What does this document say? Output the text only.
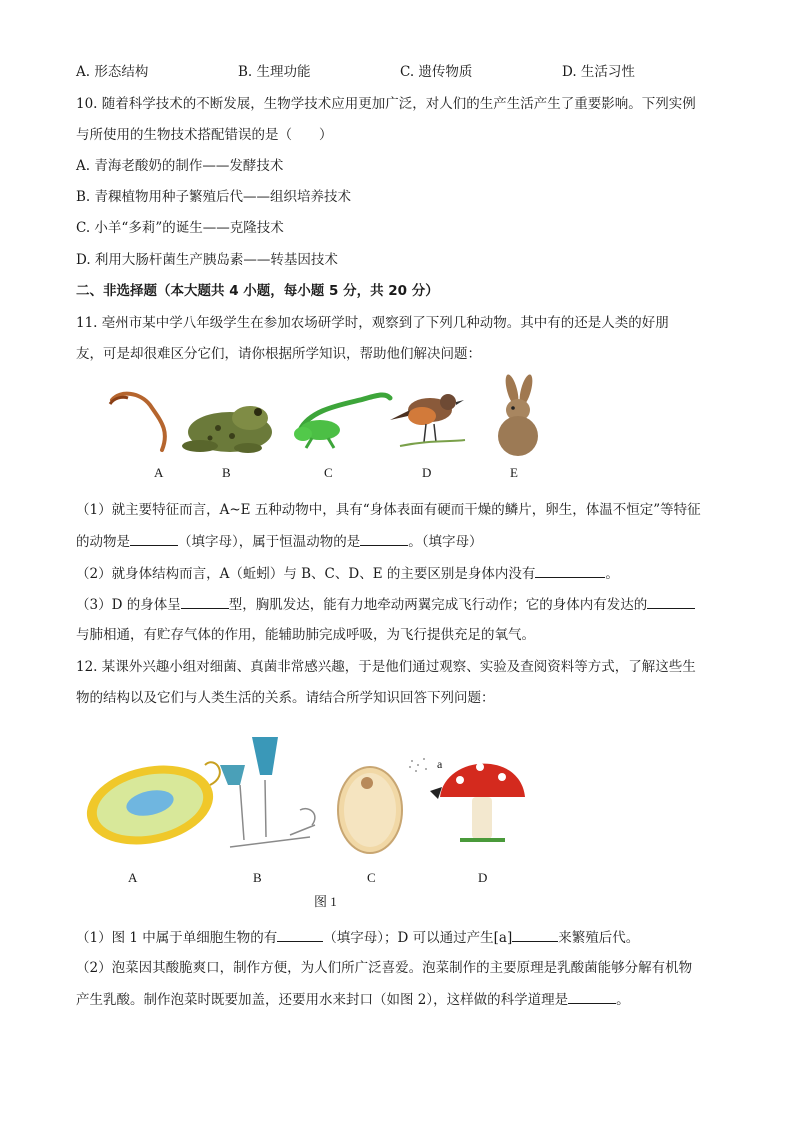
A. 形态结构	B. 生理功能	C. 遗传物质	D. 生活习性
10. 随着科学技术的不断发展，生物学技术应用更加广泛，对人们的生产生活产生了重要影响。下列实例
与所使用的生物技术搭配错误的是（　　）
A. 青海老酸奶的制作——发酵技术
B. 青稞植物用种子繁殖后代——组织培养技术
C. 小羊“多莉”的诞生——克隆技术
D. 利用大肠杆菌生产胰岛素——转基因技术
二、非选择题（本大题共 4 小题，每小题 5 分，共 20 分）
11. 亳州市某中学八年级学生在参加农场研学时，观察到了下列几种动物。其中有的还是人类的好朋
友，可是却很难区分它们，请你根据所学知识，帮助他们解决问题：
A	B	C	D	E
（1）就主要特征而言，A~E 五种动物中，具有“身体表面有硬而干燥的鳞片，卵生，体温不恒定”等特征
的动物是	（填字母），属于恒温动物的是	。（填字母）
（2）就身体结构而言，A（蚯蚓）与 B、C、D、E 的主要区别是身体内没有	。
（3）D 的身体呈	型，胸肌发达，能有力地牵动两翼完成飞行动作；它的身体内有发达的
与肺相通，有贮存气体的作用，能辅助肺完成呼吸，为飞行提供充足的氧气。
12. 某课外兴趣小组对细菌、真菌非常感兴趣，于是他们通过观察、实验及查阅资料等方式，了解这些生
物的结构以及它们与人类生活的关系。请结合所学知识回答下列问题：
a
A	B	C	D
图 1
（1）图 1 中属于单细胞生物的有	（填字母）；D 可以通过产生[a]	来繁殖后代。
（2）泡菜因其酸脆爽口，制作方便，为人们所广泛喜爱。泡菜制作的主要原理是乳酸菌能够分解有机物
产生乳酸。制作泡菜时既要加盖，还要用水来封口（如图 2），这样做的科学道理是	。
